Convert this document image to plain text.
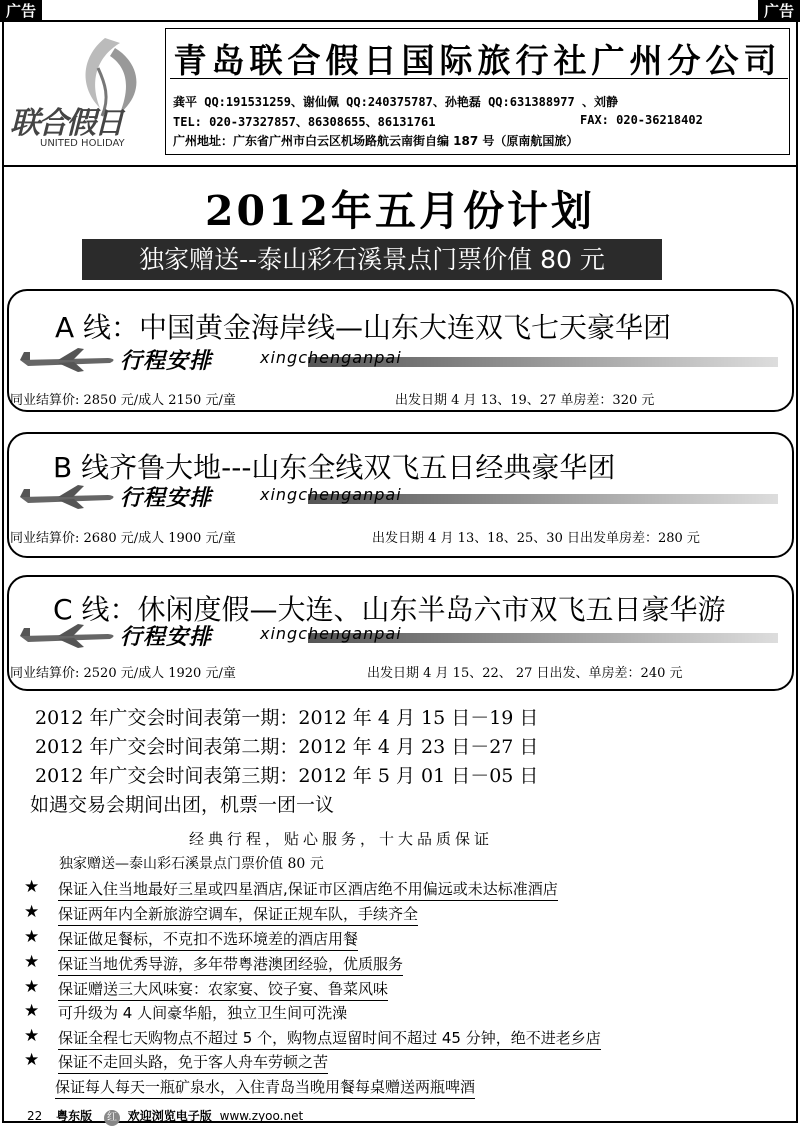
广告	广告
联合假日
UNITED HOLIDAY
青岛联合假日国际旅行社广州分公司
龚平 QQ:191531259、谢仙佩 QQ:240375787、孙艳磊 QQ:631388977 、刘静
TEL: 020-37327857、86308655、86131761	FAX: 020-36218402
广州地址：广东省广州市白云区机场路航云南街自编 187 号（原南航国旅）
2012年五月份计划
独家赠送--泰山彩石溪景点门票价值 80 元
A 线：中国黄金海岸线—山东大连双飞七天豪华团
行程安排	xingchenganpai
同业结算价: 2850 元/成人 2150 元/童	出发日期 4 月 13、19、27 单房差：320 元
B 线齐鲁大地---山东全线双飞五日经典豪华团
行程安排	xingchenganpai
同业结算价: 2680 元/成人 1900 元/童	出发日期 4 月 13、18、25、30 日出发单房差：280 元
C 线：休闲度假—大连、山东半岛六市双飞五日豪华游
行程安排	xingchenganpai
同业结算价: 2520 元/成人 1920 元/童	出发日期 4 月 15、22、 27 日出发、单房差：240 元
2012 年广交会时间表第一期：2012 年 4 月 15 日－19 日
2012 年广交会时间表第二期：2012 年 4 月 23 日－27 日
2012 年广交会时间表第三期：2012 年 5 月 01 日－05 日
如遇交易会期间出团，机票一团一议
经典行程，贴心服务，十大品质保证
独家赠送—泰山彩石溪景点门票价值 80 元
★ 保证入住当地最好三星或四星酒店,保证市区酒店绝不用偏远或未达标准酒店
★ 保证两年内全新旅游空调车，保证正规车队，手续齐全
★ 保证做足餐标，不克扣不选环境差的酒店用餐
★ 保证当地优秀导游，多年带粤港澳团经验，优质服务
★ 保证赠送三大风味宴：农家宴、饺子宴、鲁菜风味
★ 可升级为 4 人间豪华船，独立卫生间可洗澡
★ 保证全程七天购物点不超过 5 个，购物点逗留时间不超过 45 分钟，绝不进老乡店
★ 保证不走回头路，免于客人舟车劳顿之苦
保证每人每天一瓶矿泉水，入住青岛当晚用餐每桌赠送两瓶啤酒
22 粤东版 红 欢迎浏览电子版 www.zyoo.net
